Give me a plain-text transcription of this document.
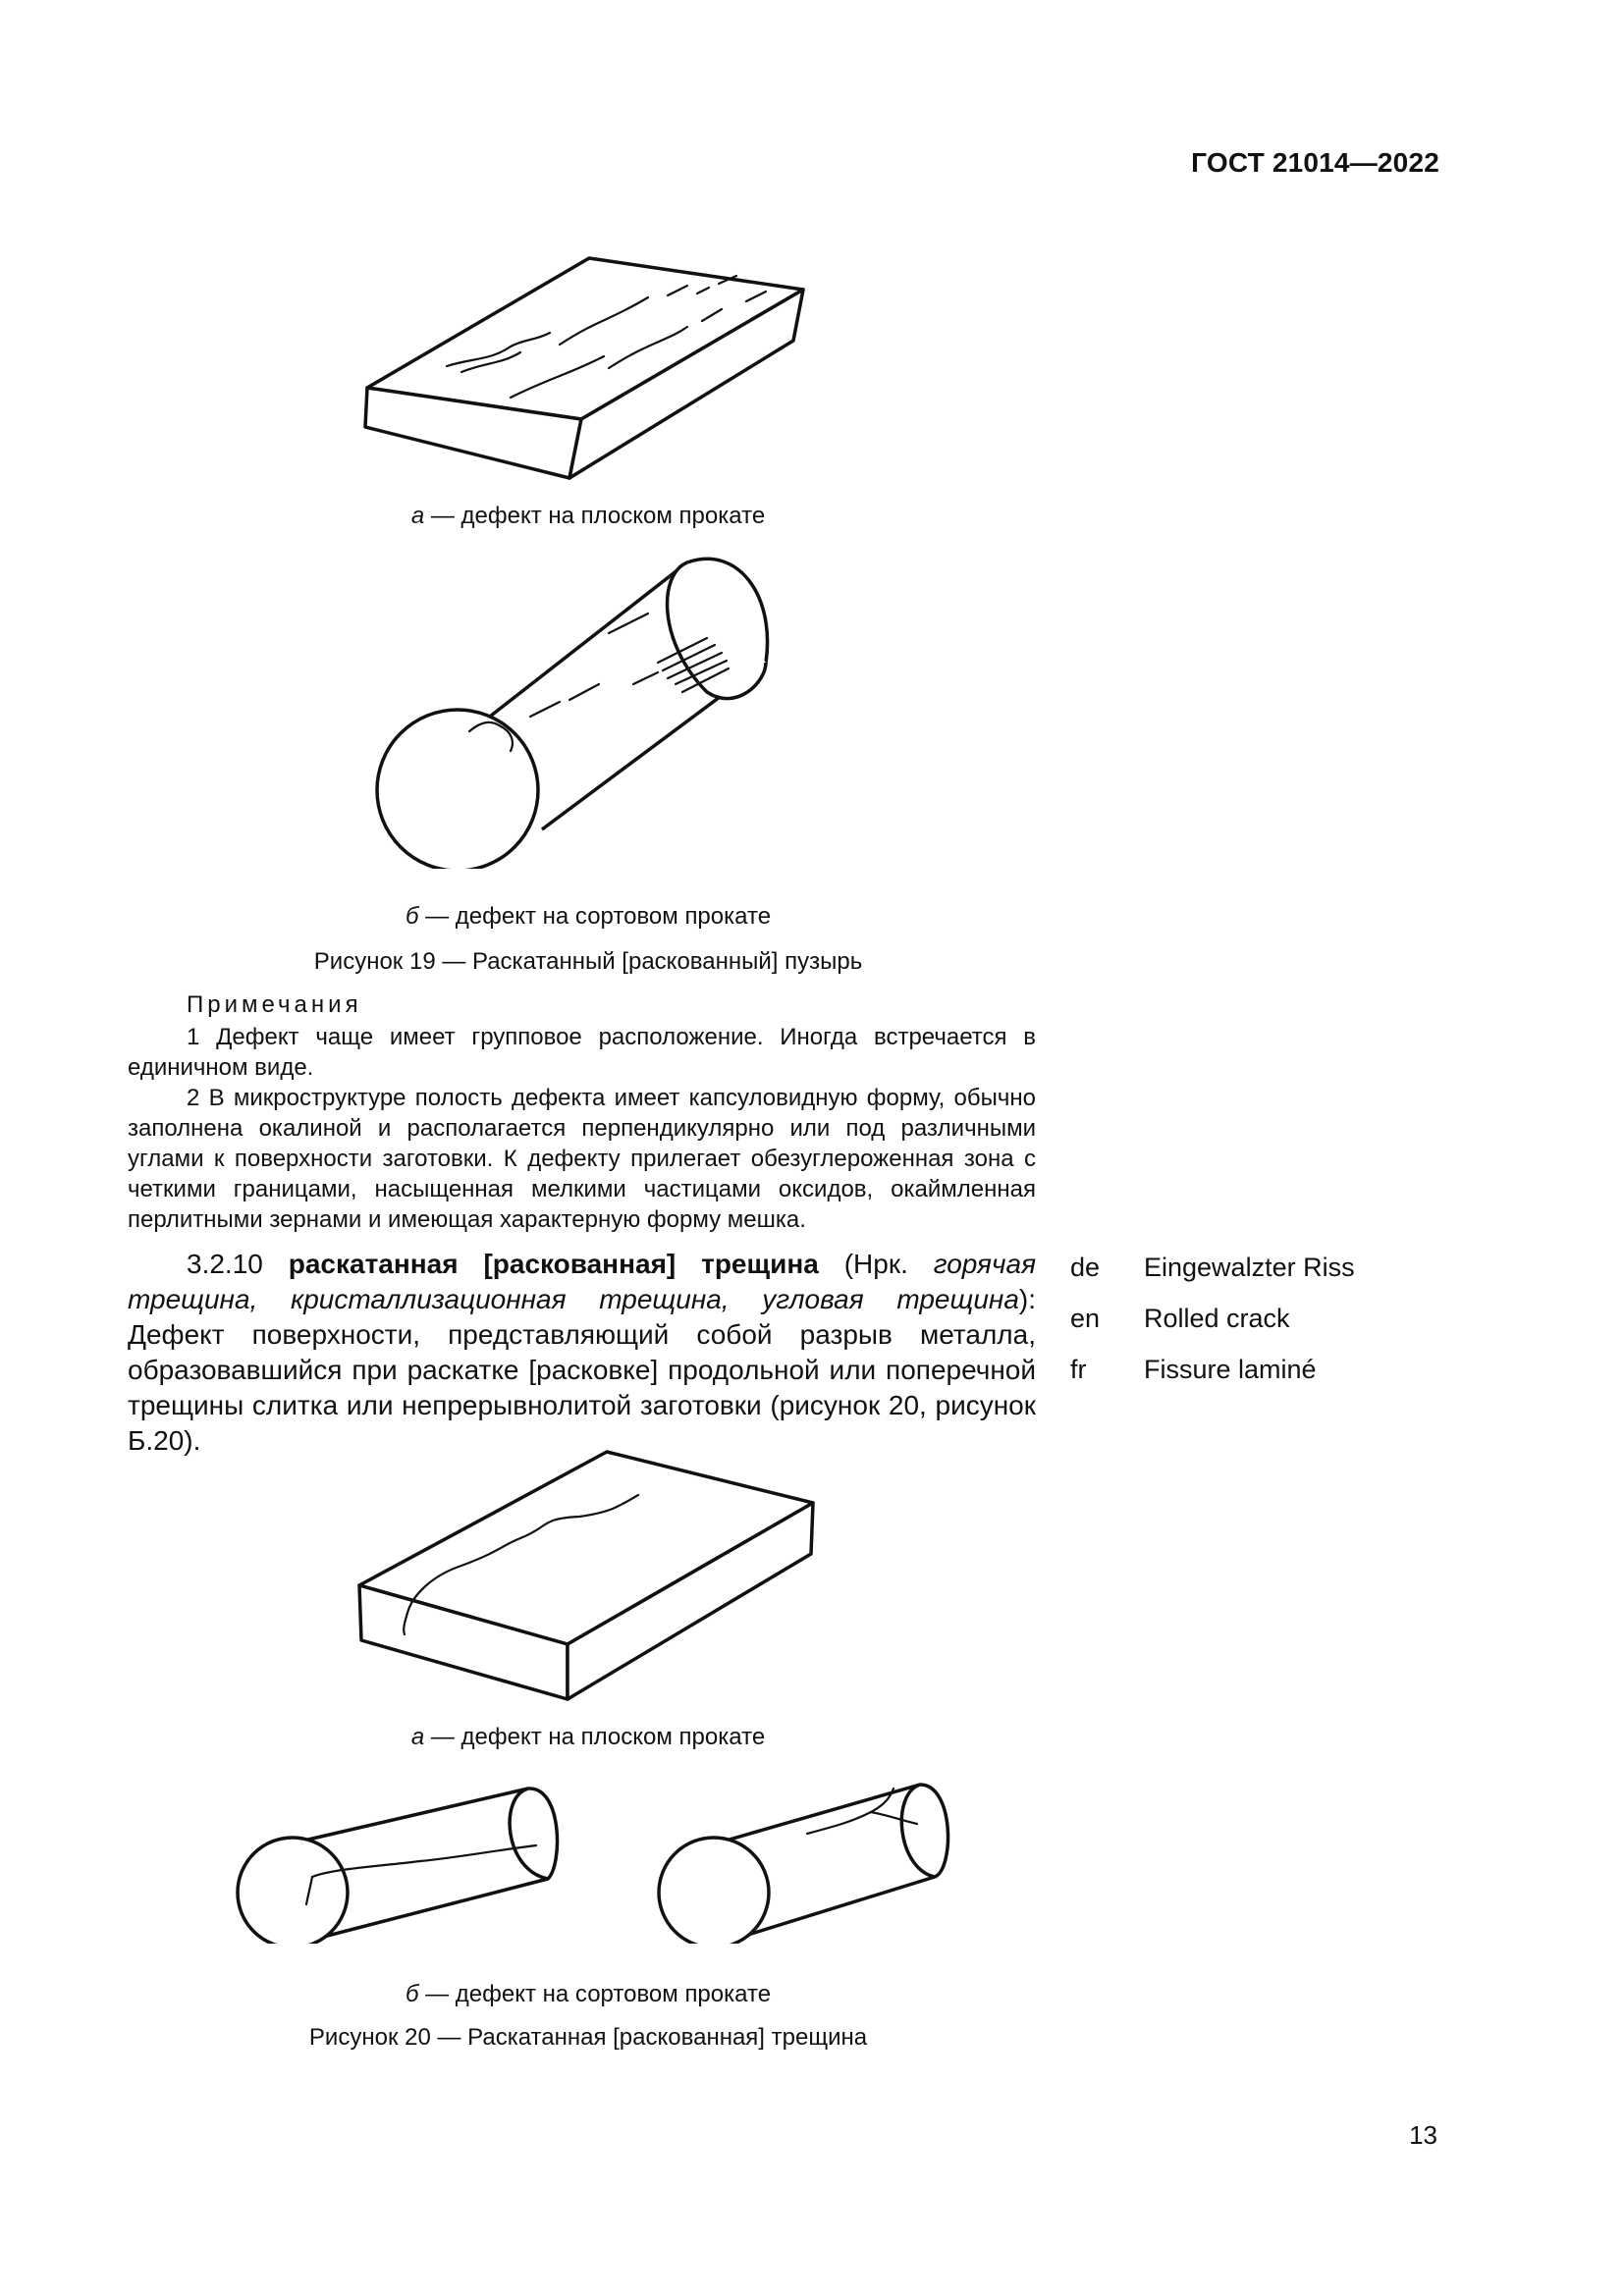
ГОСТ 21014—2022
а — дефект на плоском прокате
б — дефект на сортовом прокате
Рисунок 19 — Раскатанный [раскованный] пузырь
Примечания
1 Дефект чаще имеет групповое расположение. Иногда встречается в единичном виде.
2 В микроструктуре полость дефекта имеет капсуловидную форму, обычно заполнена окалиной и располагается перпендикулярно или под различными углами к поверхности заготовки. К дефекту прилегает обезуглероженная зона с четкими границами, насыщенная мелкими частицами оксидов, окаймленная перлитными зернами и имеющая характерную форму мешка.
3.2.10 раскатанная [раскованная] трещина (Нрк. горячая трещина, кристаллизационная трещина, угловая трещина): Дефект поверхности, представляющий собой разрыв металла, образовавшийся при раскатке [расковке] продольной или поперечной трещины слитка или непрерывнолитой заготовки (рисунок 20, рисунок Б.20).
de Eingewalzter Riss
en Rolled crack
fr Fissure laminé
а — дефект на плоском прокате
б — дефект на сортовом прокате
Рисунок 20 — Раскатанная [раскованная] трещина
13
